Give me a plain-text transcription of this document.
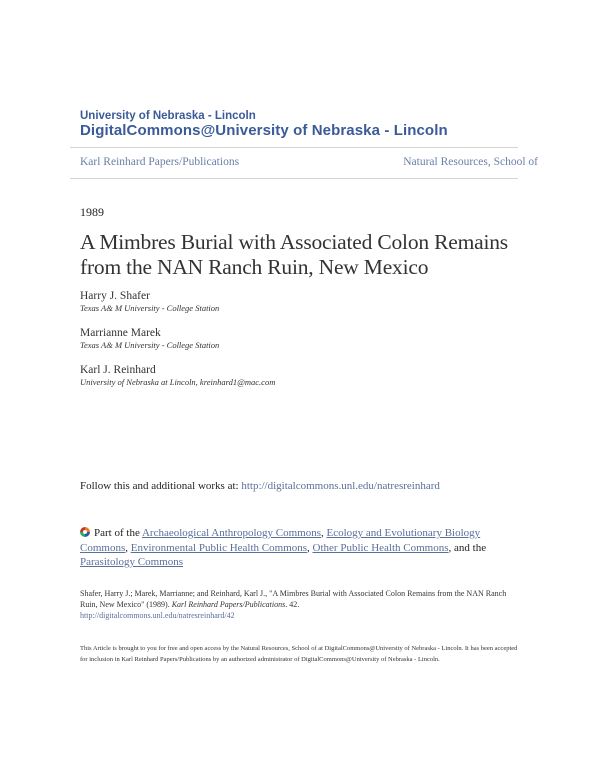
University of Nebraska - Lincoln
DigitalCommons@University of Nebraska - Lincoln
Karl Reinhard Papers/Publications	Natural Resources, School of
1989
A Mimbres Burial with Associated Colon Remains from the NAN Ranch Ruin, New Mexico
Harry J. Shafer
Texas A& M University - College Station
Marrianne Marek
Texas A& M University - College Station
Karl J. Reinhard
University of Nebraska at Lincoln, kreinhard1@mac.com
Follow this and additional works at: http://digitalcommons.unl.edu/natresreinhard
Part of the Archaeological Anthropology Commons, Ecology and Evolutionary Biology Commons, Environmental Public Health Commons, Other Public Health Commons, and the Parasitology Commons
Shafer, Harry J.; Marek, Marrianne; and Reinhard, Karl J., "A Mimbres Burial with Associated Colon Remains from the NAN Ranch Ruin, New Mexico" (1989). Karl Reinhard Papers/Publications. 42.
http://digitalcommons.unl.edu/natresreinhard/42
This Article is brought to you for free and open access by the Natural Resources, School of at DigitalCommons@University of Nebraska - Lincoln. It has been accepted for inclusion in Karl Reinhard Papers/Publications by an authorized administrator of DigitalCommons@University of Nebraska - Lincoln.
